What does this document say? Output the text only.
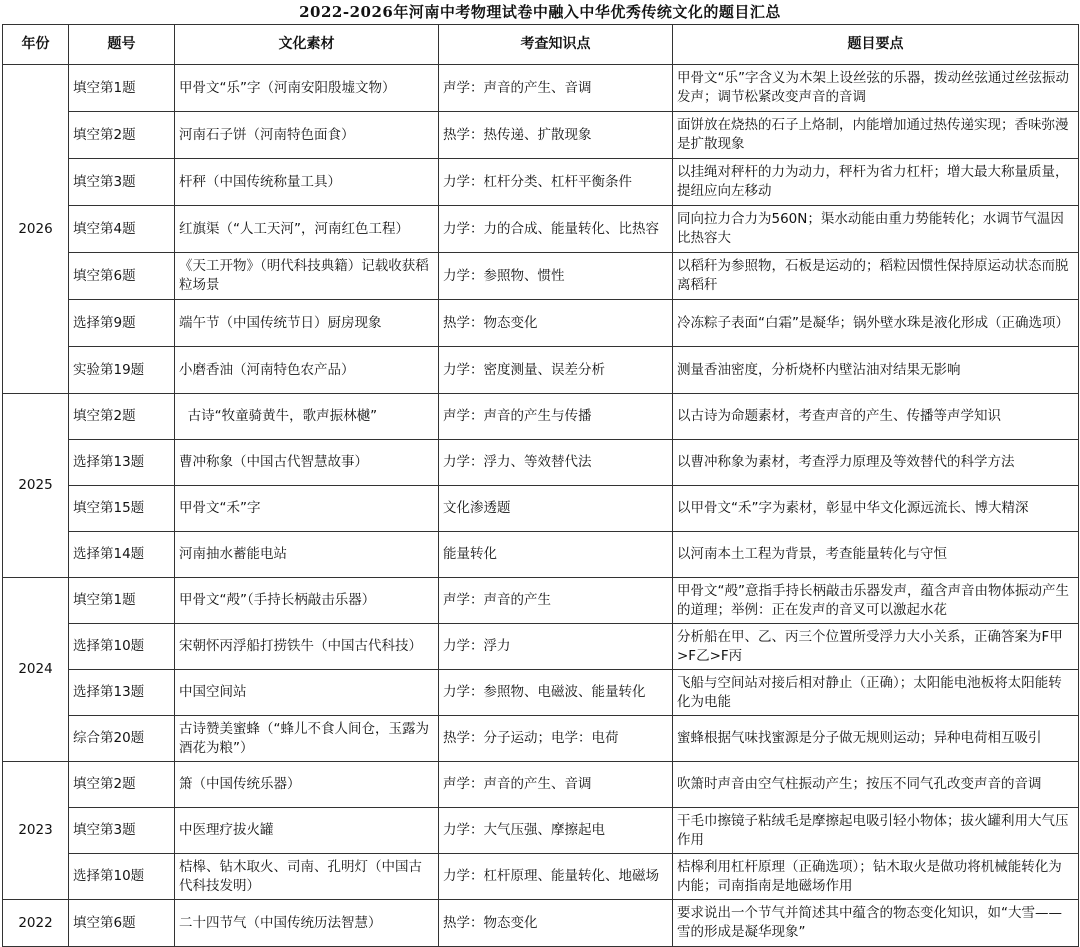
2022-2026年河南中考物理试卷中融入中华优秀传统文化的题目汇总
年份	题号	文化素材	考查知识点	题目要点
2026	填空第1题	甲骨文“乐”字（河南安阳殷墟文物）	声学：声音的产生、音调	甲骨文“乐”字含义为木架上设丝弦的乐器，拨动丝弦通过丝弦振动发声；调节松紧改变声音的音调
	填空第2题	河南石子饼（河南特色面食）	热学：热传递、扩散现象	面饼放在烧热的石子上烙制，内能增加通过热传递实现；香味弥漫是扩散现象
	填空第3题	杆秤（中国传统称量工具）	力学：杠杆分类、杠杆平衡条件	以挂绳对秤杆的力为动力，秤杆为省力杠杆；增大最大称量质量，提纽应向左移动
	填空第4题	红旗渠（“人工天河”，河南红色工程）	力学：力的合成、能量转化、比热容	同向拉力合力为560N；渠水动能由重力势能转化；水调节气温因比热容大
	填空第6题	《天工开物》（明代科技典籍）记载收获稻粒场景	力学：参照物、惯性	以稻秆为参照物，石板是运动的；稻粒因惯性保持原运动状态而脱离稻秆
	选择第9题	端午节（中国传统节日）厨房现象	热学：物态变化	冷冻粽子表面“白霜”是凝华；锅外壁水珠是液化形成（正确选项）
	实验第19题	小磨香油（河南特色农产品）	力学：密度测量、误差分析	测量香油密度，分析烧杯内壁沾油对结果无影响
2025	填空第2题	古诗“牧童骑黄牛，歌声振林樾”	声学：声音的产生与传播	以古诗为命题素材，考查声音的产生、传播等声学知识
	选择第13题	曹冲称象（中国古代智慧故事）	力学：浮力、等效替代法	以曹冲称象为素材，考查浮力原理及等效替代的科学方法
	填空第15题	甲骨文“禾”字	文化渗透题	以甲骨文“禾”字为素材，彰显中华文化源远流长、博大精深
	选择第14题	河南抽水蓄能电站	能量转化	以河南本土工程为背景，考查能量转化与守恒
2024	填空第1题	甲骨文“殸”（手持长柄敲击乐器）	声学：声音的产生	甲骨文“殸”意指手持长柄敲击乐器发声，蕴含声音由物体振动产生的道理；举例：正在发声的音叉可以激起水花
	选择第10题	宋朝怀丙浮船打捞铁牛（中国古代科技）	力学：浮力	分析船在甲、乙、丙三个位置所受浮力大小关系，正确答案为F甲>F乙>F丙
	选择第13题	中国空间站	力学：参照物、电磁波、能量转化	飞船与空间站对接后相对静止（正确）；太阳能电池板将太阳能转化为电能
	综合第20题	古诗赞美蜜蜂（“蜂儿不食人间仓，玉露为酒花为粮”）	热学：分子运动；电学：电荷	蜜蜂根据气味找蜜源是分子做无规则运动；异种电荷相互吸引
2023	填空第2题	箫（中国传统乐器）	声学：声音的产生、音调	吹箫时声音由空气柱振动产生；按压不同气孔改变声音的音调
	填空第3题	中医理疗拔火罐	力学：大气压强、摩擦起电	干毛巾擦镜子粘绒毛是摩擦起电吸引轻小物体；拔火罐利用大气压作用
	选择第10题	桔槔、钻木取火、司南、孔明灯（中国古代科技发明）	力学：杠杆原理、能量转化、地磁场	桔槔利用杠杆原理（正确选项）；钻木取火是做功将机械能转化为内能；司南指南是地磁场作用
2022	填空第6题	二十四节气（中国传统历法智慧）	热学：物态变化	要求说出一个节气并简述其中蕴含的物态变化知识，如“大雪——雪的形成是凝华现象”
